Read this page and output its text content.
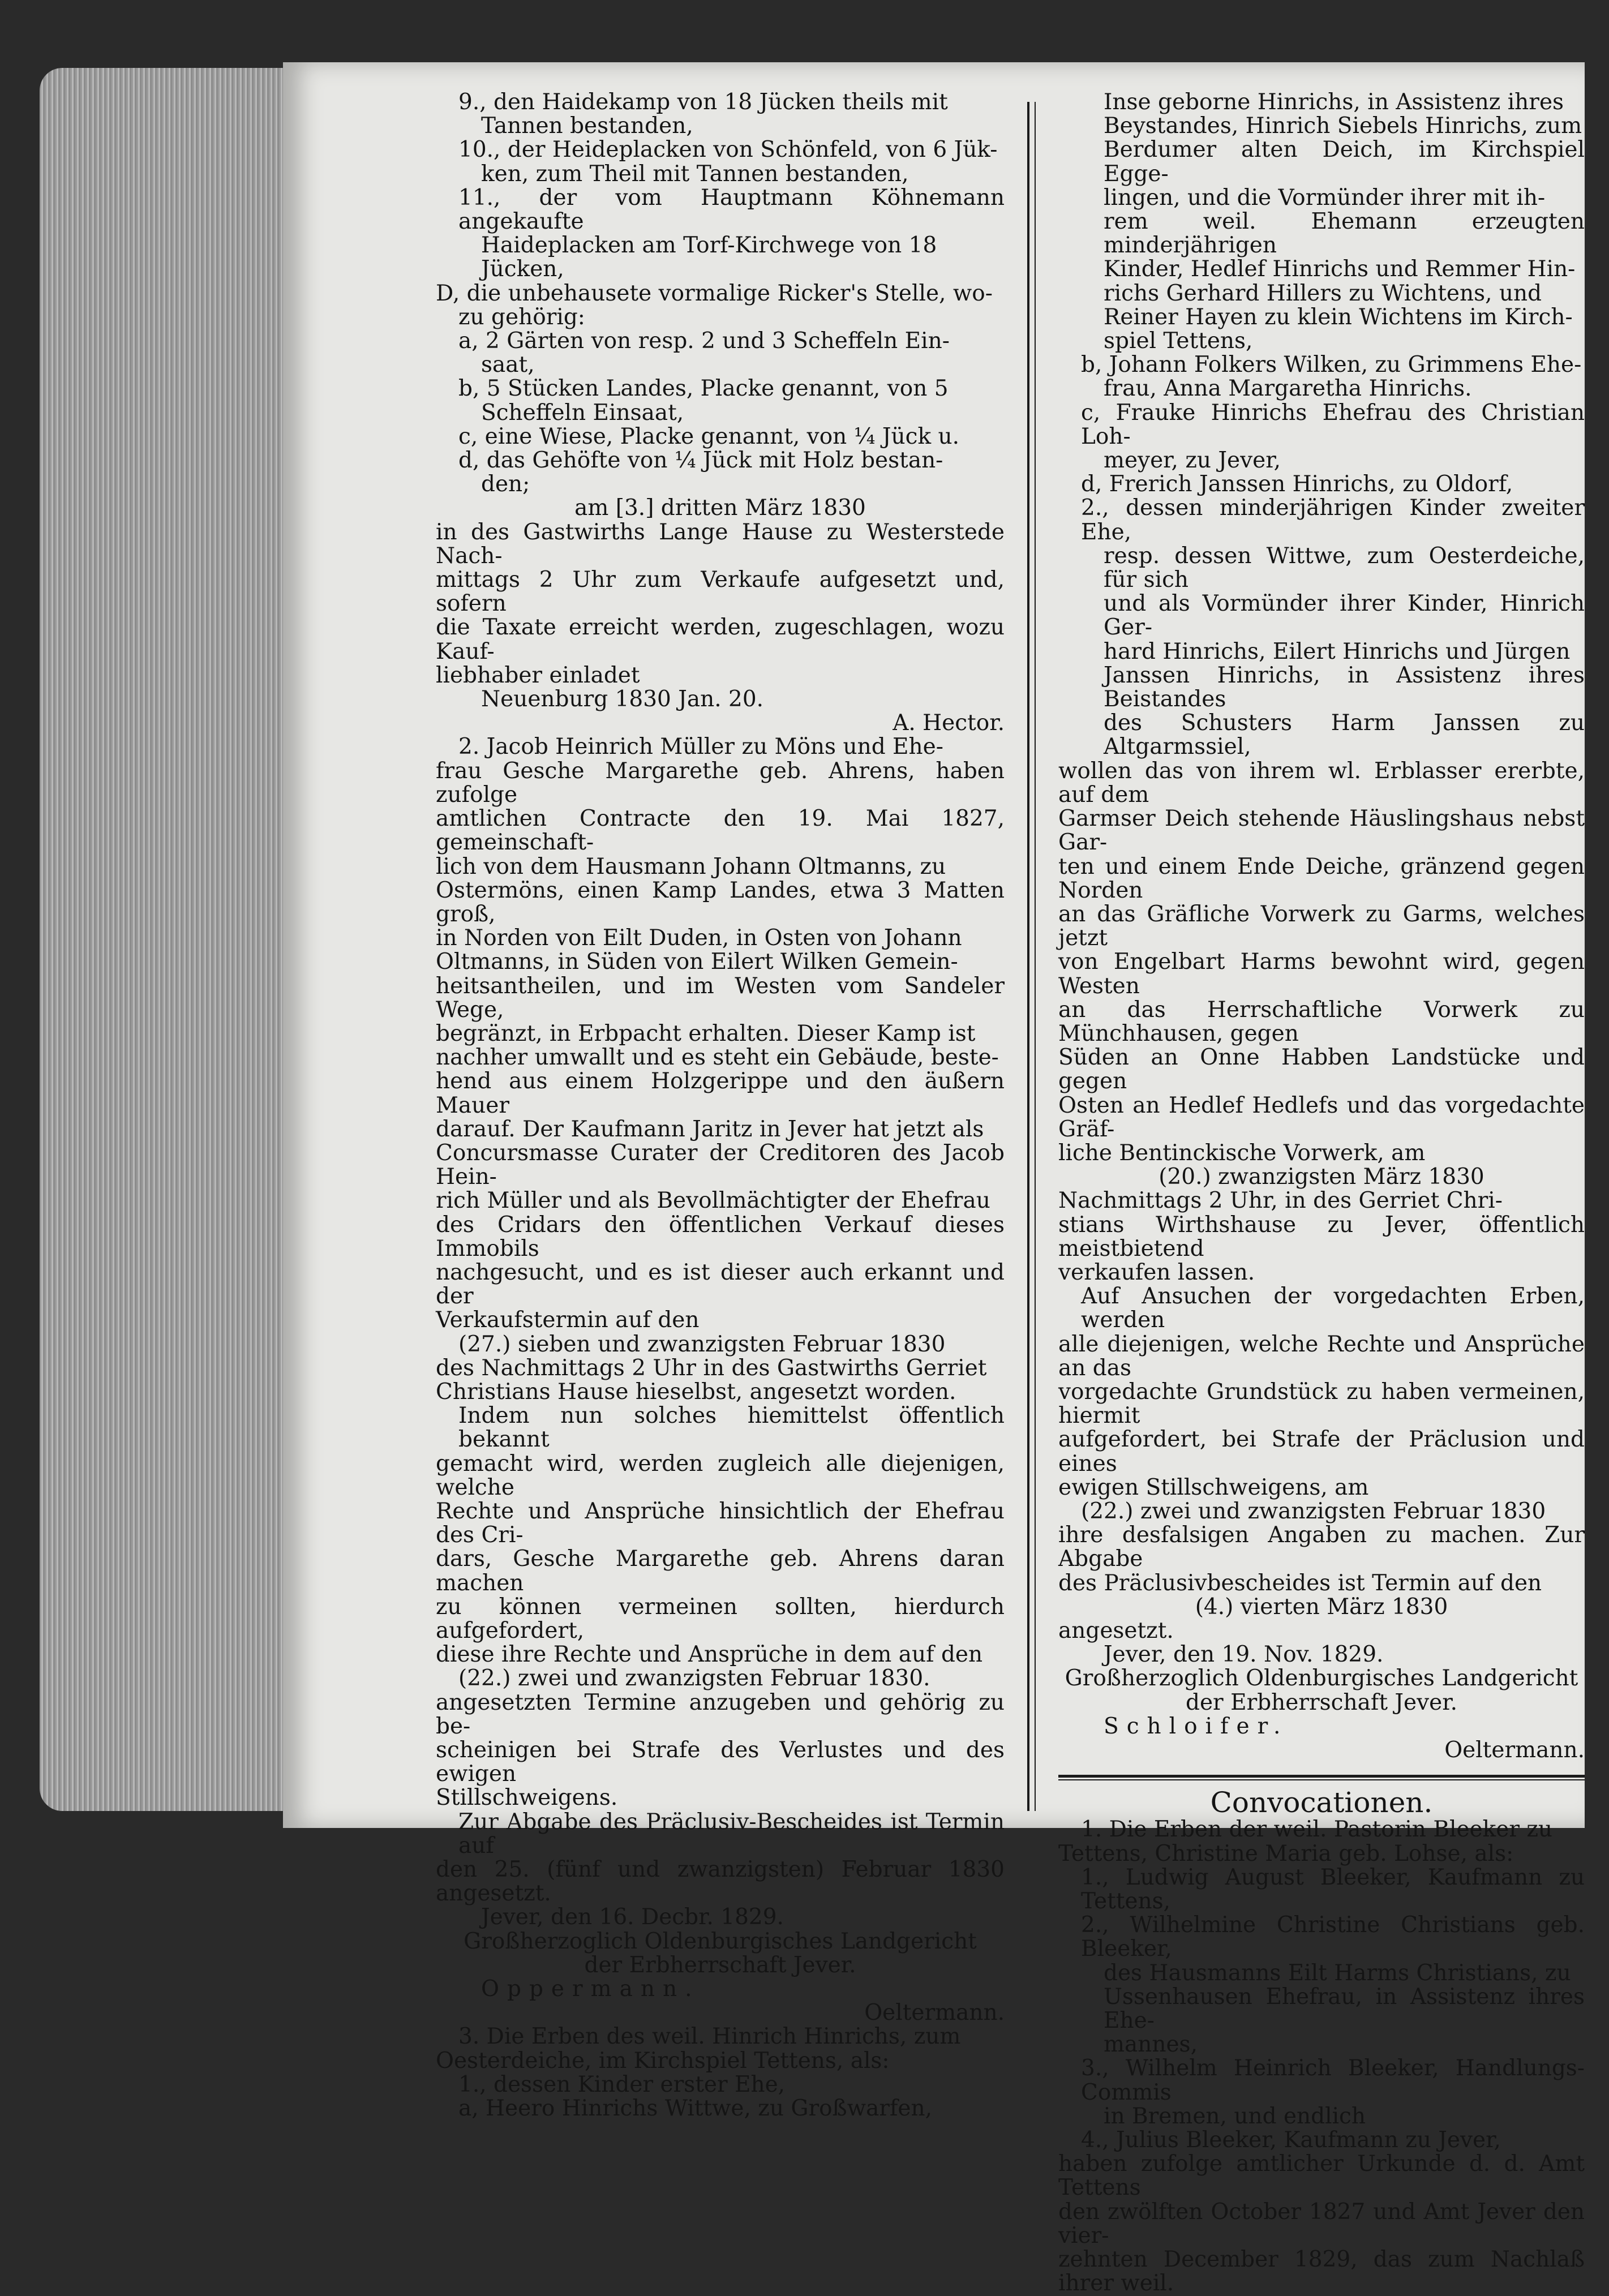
9., den Haidekamp von 18 Jücken theils mit
Tannen bestanden,
10., der Heideplacken von Schönfeld, von 6 Jük-
ken, zum Theil mit Tannen bestanden,
11., der vom Hauptmann Köhnemann angekaufte
Haideplacken am Torf-Kirchwege von 18
Jücken,
D, die unbehausete vormalige Ricker's Stelle, wo-
zu gehörig:
a, 2 Gärten von resp. 2 und 3 Scheffeln Ein-
saat,
b, 5 Stücken Landes, Placke genannt, von 5
Scheffeln Einsaat,
c, eine Wiese, Placke genannt, von ¼ Jück u.
d, das Gehöfte von ¼ Jück mit Holz bestan-
den;
am [3.] dritten März 1830
in des Gastwirths Lange Hause zu Westerstede Nach-
mittags 2 Uhr zum Verkaufe aufgesetzt und, sofern
die Taxate erreicht werden, zugeschlagen, wozu Kauf-
liebhaber einladet
Neuenburg 1830 Jan. 20.
A. Hector.
2. Jacob Heinrich Müller zu Möns und Ehe-
frau Gesche Margarethe geb. Ahrens, haben zufolge
amtlichen Contracte den 19. Mai 1827, gemeinschaft-
lich von dem Hausmann Johann Oltmanns, zu
Ostermöns, einen Kamp Landes, etwa 3 Matten groß,
in Norden von Eilt Duden, in Osten von Johann
Oltmanns, in Süden von Eilert Wilken Gemein-
heitsantheilen, und im Westen vom Sandeler Wege,
begränzt, in Erbpacht erhalten. Dieser Kamp ist
nachher umwallt und es steht ein Gebäude, beste-
hend aus einem Holzgerippe und den äußern Mauer
darauf. Der Kaufmann Jaritz in Jever hat jetzt als
Concursmasse Curater der Creditoren des Jacob Hein-
rich Müller und als Bevollmächtigter der Ehefrau
des Cridars den öffentlichen Verkauf dieses Immobils
nachgesucht, und es ist dieser auch erkannt und der
Verkaufstermin auf den
(27.) sieben und zwanzigsten Februar 1830
des Nachmittags 2 Uhr in des Gastwirths Gerriet
Christians Hause hieselbst, angesetzt worden.
Indem nun solches hiemittelst öffentlich bekannt
gemacht wird, werden zugleich alle diejenigen, welche
Rechte und Ansprüche hinsichtlich der Ehefrau des Cri-
dars, Gesche Margarethe geb. Ahrens daran machen
zu können vermeinen sollten, hierdurch aufgefordert,
diese ihre Rechte und Ansprüche in dem auf den
(22.) zwei und zwanzigsten Februar 1830.
angesetzten Termine anzugeben und gehörig zu be-
scheinigen bei Strafe des Verlustes und des ewigen
Stillschweigens.
Zur Abgabe des Präclusiv-Bescheides ist Termin auf
den 25. (fünf und zwanzigsten) Februar 1830 angesetzt.
Jever, den 16. Decbr. 1829.
Großherzoglich Oldenburgisches Landgericht
der Erbherrschaft Jever.
Oppermann.
Oeltermann.
3. Die Erben des weil. Hinrich Hinrichs, zum
Oesterdeiche, im Kirchspiel Tettens, als:
1., dessen Kinder erster Ehe,
a, Heero Hinrichs Wittwe, zu Großwarfen,
Inse geborne Hinrichs, in Assistenz ihres
Beystandes, Hinrich Siebels Hinrichs, zum
Berdumer alten Deich, im Kirchspiel Egge-
lingen, und die Vormünder ihrer mit ih-
rem weil. Ehemann erzeugten minderjährigen
Kinder, Hedlef Hinrichs und Remmer Hin-
richs Gerhard Hillers zu Wichtens, und
Reiner Hayen zu klein Wichtens im Kirch-
spiel Tettens,
b, Johann Folkers Wilken, zu Grimmens Ehe-
frau, Anna Margaretha Hinrichs.
c, Frauke Hinrichs Ehefrau des Christian Loh-
meyer, zu Jever,
d, Frerich Janssen Hinrichs, zu Oldorf,
2., dessen minderjährigen Kinder zweiter Ehe,
resp. dessen Wittwe, zum Oesterdeiche, für sich
und als Vormünder ihrer Kinder, Hinrich Ger-
hard Hinrichs, Eilert Hinrichs und Jürgen
Janssen Hinrichs, in Assistenz ihres Beistandes
des Schusters Harm Janssen zu Altgarmssiel,
wollen das von ihrem wl. Erblasser ererbte, auf dem
Garmser Deich stehende Häuslingshaus nebst Gar-
ten und einem Ende Deiche, gränzend gegen Norden
an das Gräfliche Vorwerk zu Garms, welches jetzt
von Engelbart Harms bewohnt wird, gegen Westen
an das Herrschaftliche Vorwerk zu Münchhausen, gegen
Süden an Onne Habben Landstücke und gegen
Osten an Hedlef Hedlefs und das vorgedachte Gräf-
liche Bentinckische Vorwerk, am
(20.) zwanzigsten März 1830
Nachmittags 2 Uhr, in des Gerriet Chri-
stians Wirthshause zu Jever, öffentlich meistbietend
verkaufen lassen.
Auf Ansuchen der vorgedachten Erben, werden
alle diejenigen, welche Rechte und Ansprüche an das
vorgedachte Grundstück zu haben vermeinen, hiermit
aufgefordert, bei Strafe der Präclusion und eines
ewigen Stillschweigens, am
(22.) zwei und zwanzigsten Februar 1830
ihre desfalsigen Angaben zu machen. Zur Abgabe
des Präclusivbescheides ist Termin auf den
(4.) vierten März 1830
angesetzt.
Jever, den 19. Nov. 1829.
Großherzoglich Oldenburgisches Landgericht
der Erbherrschaft Jever.
Schloifer.
Oeltermann.
Convocationen.
1. Die Erben der weil. Pastorin Bleeker zu
Tettens, Christine Maria geb. Lohse, als:
1., Ludwig August Bleeker, Kaufmann zu Tettens,
2., Wilhelmine Christine Christians geb. Bleeker,
des Hausmanns Eilt Harms Christians, zu
Ussenhausen Ehefrau, in Assistenz ihres Ehe-
mannes,
3., Wilhelm Heinrich Bleeker, Handlungs-Commis
in Bremen, und endlich
4., Julius Bleeker, Kaufmann zu Jever,
haben zufolge amtlicher Urkunde d. d. Amt Tettens
den zwölften October 1827 und Amt Jever den vier-
zehnten December 1829, das zum Nachlaß ihrer weil.
